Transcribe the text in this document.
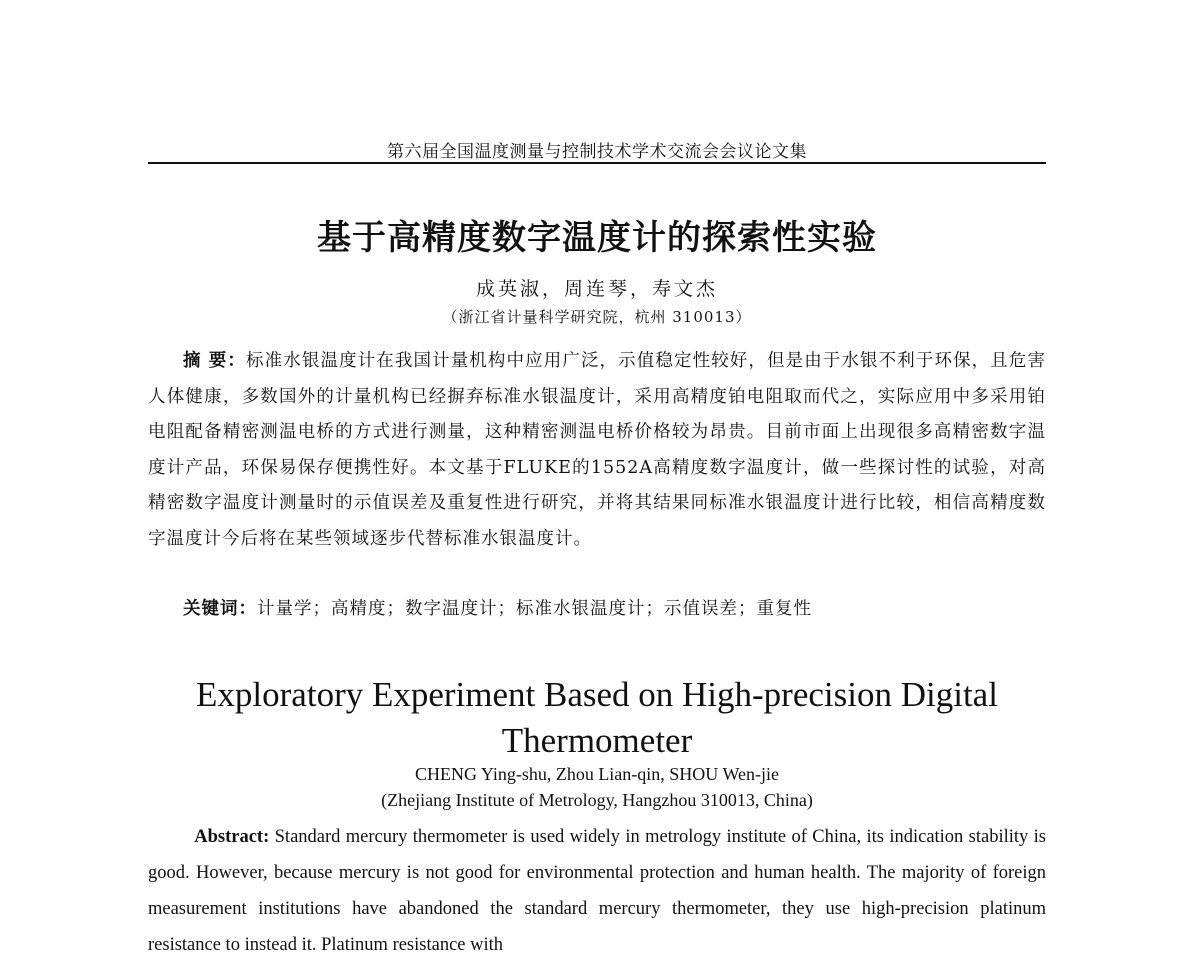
第六届全国温度测量与控制技术学术交流会会议论文集
基于高精度数字温度计的探索性实验
成英淑，周连琴，寿文杰
（浙江省计量科学研究院，杭州 310013）
摘 要：标准水银温度计在我国计量机构中应用广泛，示值稳定性较好，但是由于水银不利于环保，且危害人体健康，多数国外的计量机构已经摒弃标准水银温度计，采用高精度铂电阻取而代之，实际应用中多采用铂电阻配备精密测温电桥的方式进行测量，这种精密测温电桥价格较为昂贵。目前市面上出现很多高精密数字温度计产品，环保易保存便携性好。本文基于FLUKE的1552A高精度数字温度计，做一些探讨性的试验，对高精密数字温度计测量时的示值误差及重复性进行研究，并将其结果同标准水银温度计进行比较，相信高精度数字温度计今后将在某些领域逐步代替标准水银温度计。
关键词：计量学；高精度；数字温度计；标准水银温度计；示值误差；重复性
Exploratory Experiment Based on High-precision Digital Thermometer
CHENG Ying-shu, Zhou Lian-qin, SHOU Wen-jie
(Zhejiang Institute of Metrology, Hangzhou 310013, China)
Abstract: Standard mercury thermometer is used widely in metrology institute of China, its indication stability is good. However, because mercury is not good for environmental protection and human health. The majority of foreign measurement institutions have abandoned the standard mercury thermometer, they use high-precision platinum resistance to instead it. Platinum resistance with
